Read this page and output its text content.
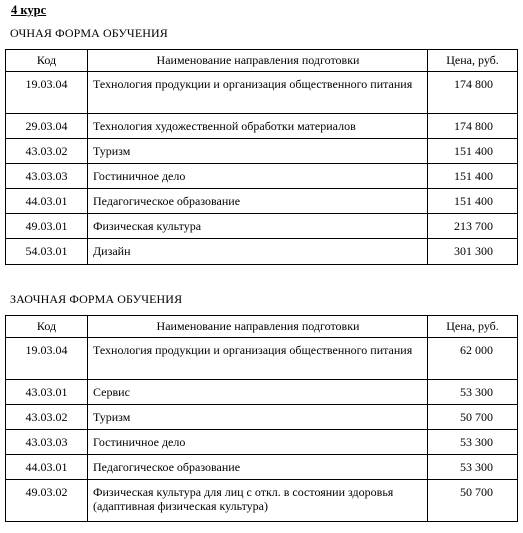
4 курс
ОЧНАЯ ФОРМА ОБУЧЕНИЯ
Код	Наименование направления подготовки	Цена, руб.
19.03.04	Технология продукции и организация общественного питания	174 800
29.03.04	Технология художественной обработки материалов	174 800
43.03.02	Туризм	151 400
43.03.03	Гостиничное дело	151 400
44.03.01	Педагогическое образование	151 400
49.03.01	Физическая культура	213 700
54.03.01	Дизайн	301 300
ЗАОЧНАЯ ФОРМА ОБУЧЕНИЯ
Код	Наименование направления подготовки	Цена, руб.
19.03.04	Технология продукции и организация общественного питания	62 000
43.03.01	Сервис	53 300
43.03.02	Туризм	50 700
43.03.03	Гостиничное дело	53 300
44.03.01	Педагогическое образование	53 300
49.03.02	Физическая культура для лиц с откл. в состоянии здоровья (адаптивная физическая культура)	50 700
